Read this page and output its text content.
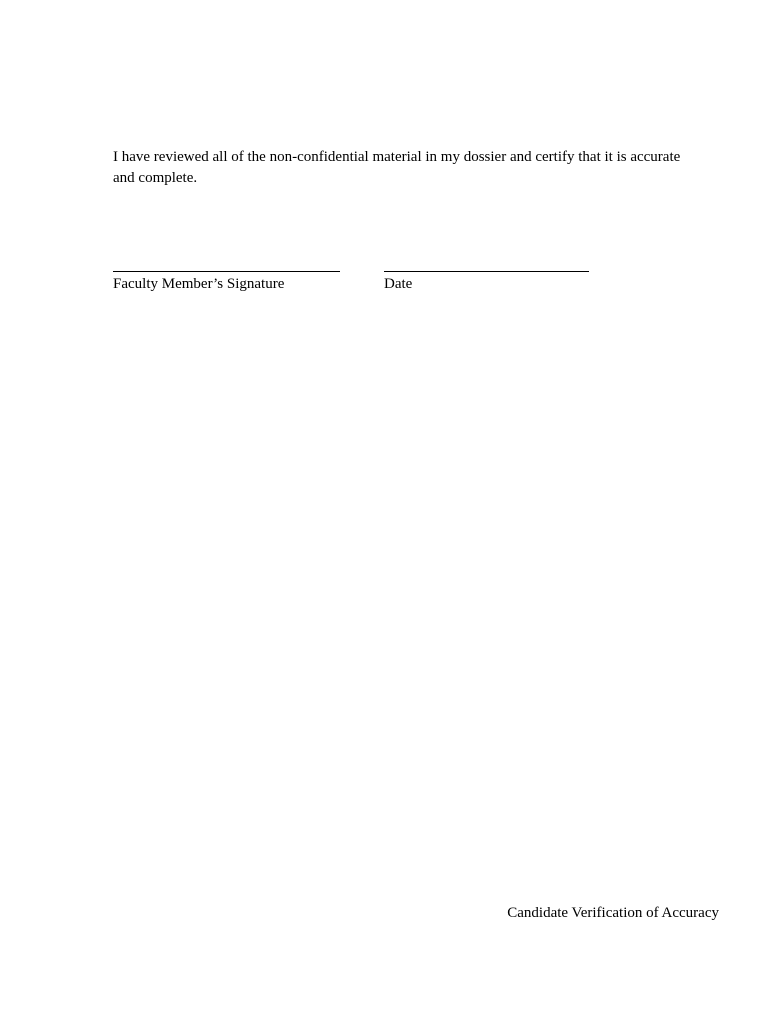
I have reviewed all of the non-confidential material in my dossier and certify that it is accurate and complete.

Faculty Member’s Signature	Date

Candidate Verification of Accuracy
